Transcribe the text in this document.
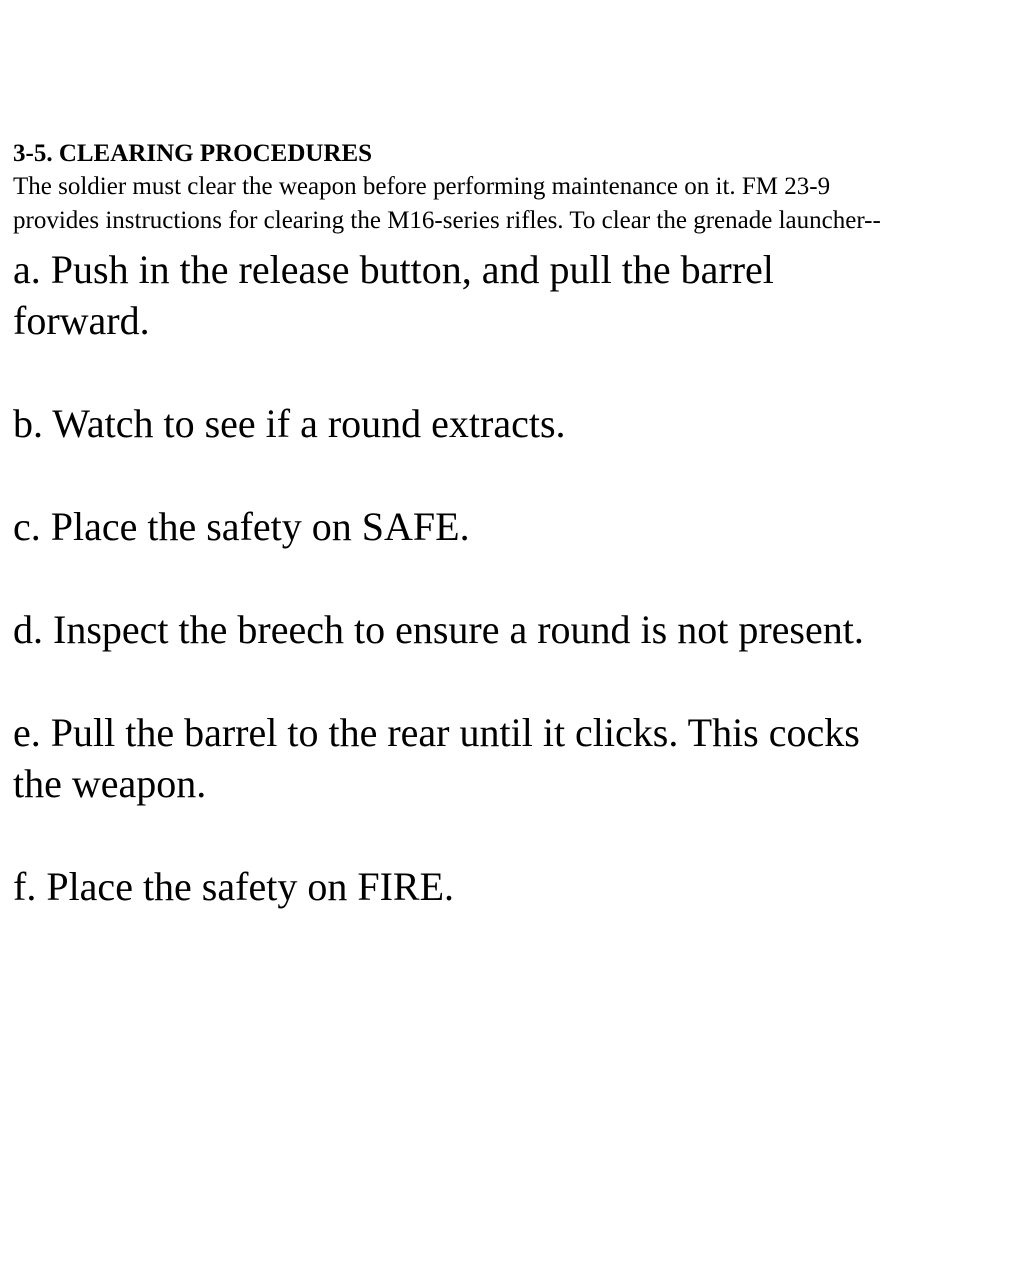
3-5. CLEARING PROCEDURES

The soldier must clear the weapon before performing maintenance on it. FM 23-9 provides instructions for clearing the M16-series rifles. To clear the grenade launcher--

a. Push in the release button, and pull the barrel forward.
b. Watch to see if a round extracts.
c. Place the safety on SAFE.
d. Inspect the breech to ensure a round is not present.
e. Pull the barrel to the rear until it clicks. This cocks the weapon.
f. Place the safety on FIRE.
